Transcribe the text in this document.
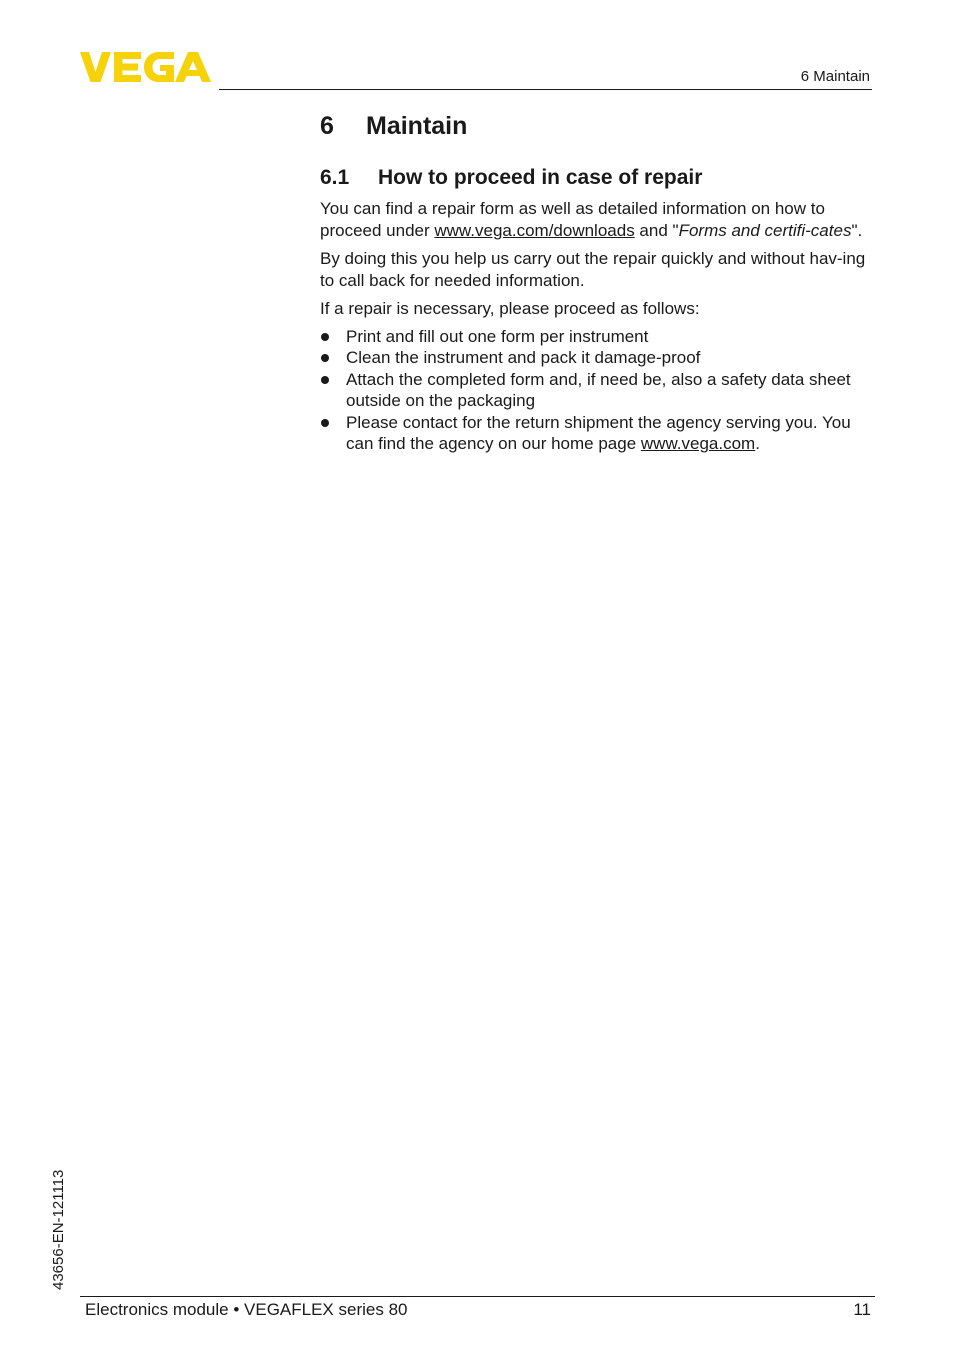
6 Maintain
6	Maintain
6.1	How to proceed in case of repair

You can find a repair form as well as detailed information on how to proceed under www.vega.com/downloads and "Forms and certifi-cates".

By doing this you help us carry out the repair quickly and without hav-ing to call back for needed information.

If a repair is necessary, please proceed as follows:

Print and fill out one form per instrument
Clean the instrument and pack it damage-proof
Attach the completed form and, if need be, also a safety data sheet outside on the packaging
Please contact for the return shipment the agency serving you. You can find the agency on our home page www.vega.com.
43656-EN-121113
Electronics module • VEGAFLEX series 80	11
